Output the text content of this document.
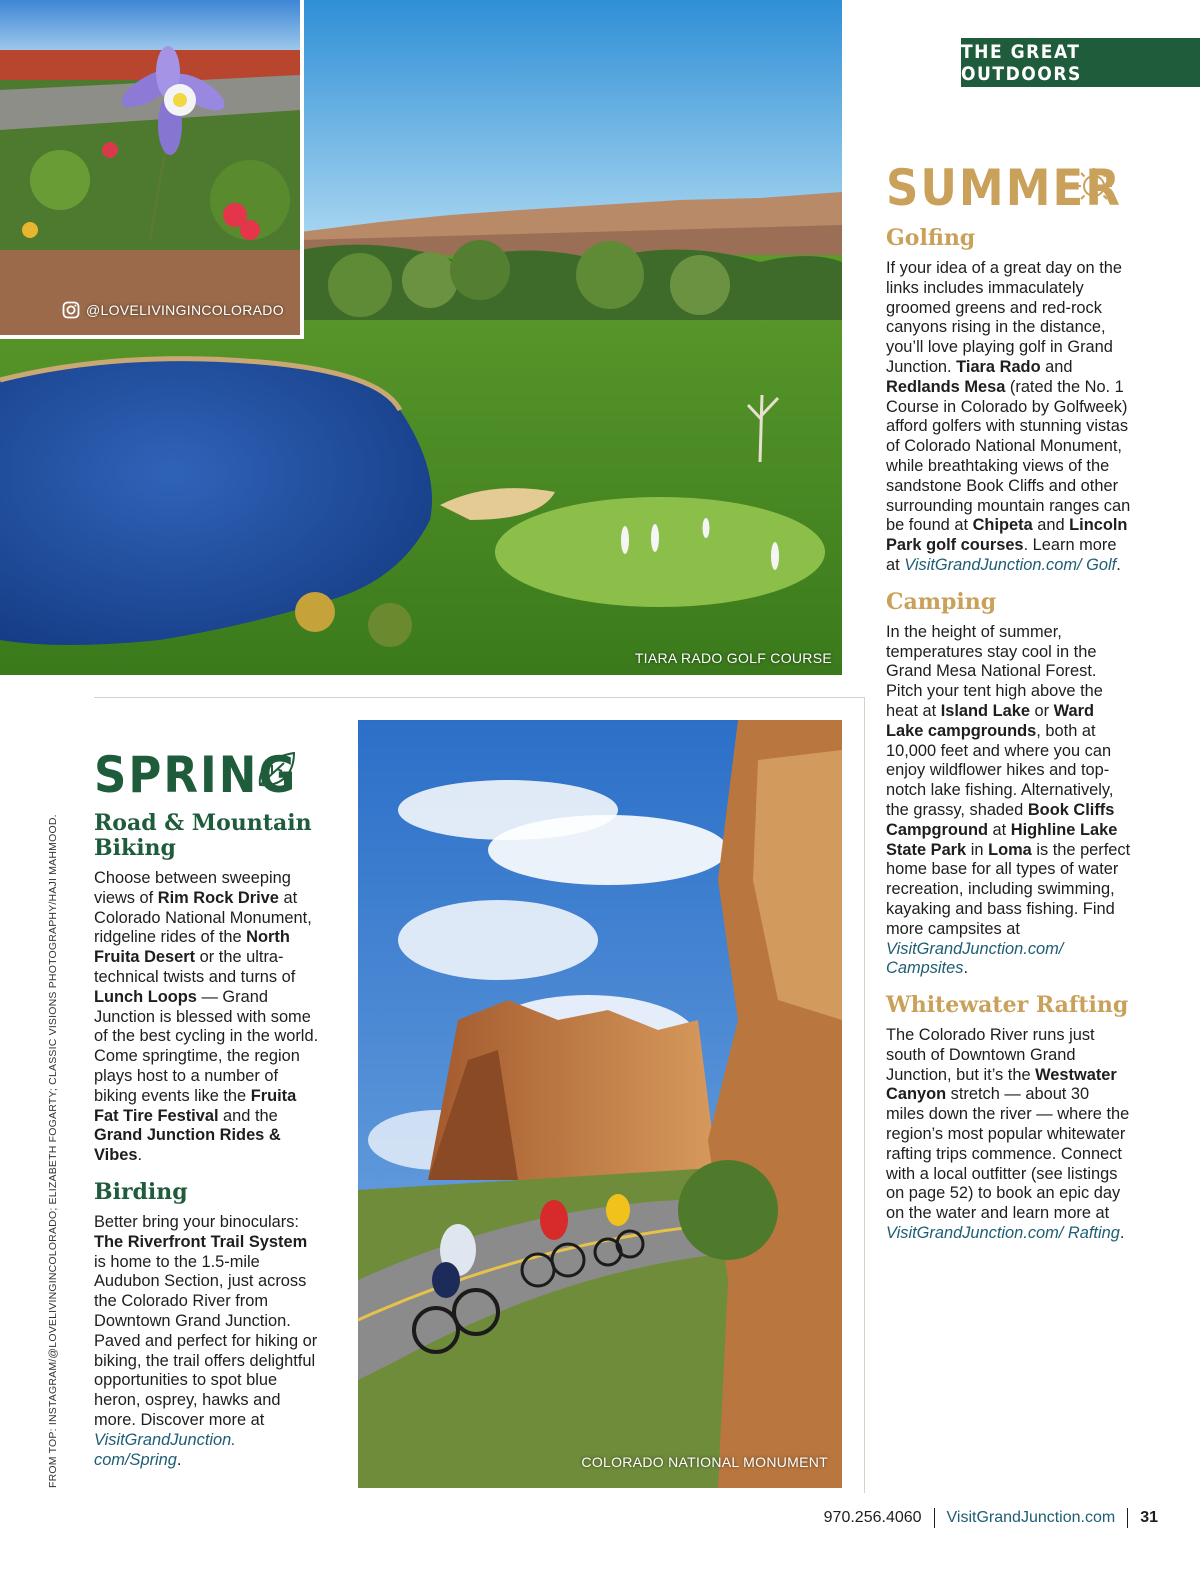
TIARA RADO GOLF COURSE
@LOVELIVINGINCOLORADO
THE GREAT OUTDOORS
SUMMER
Golfing
If your idea of a great day on the links includes immaculately groomed greens and red-rock canyons rising in the distance, you’ll love playing golf in Grand Junction. Tiara Rado and Redlands Mesa (rated the No. 1 Course in Colorado by Golfweek) afford golfers with stunning vistas of Colorado National Monument, while breathtaking views of the sandstone Book Cliffs and other surrounding mountain ranges can be found at Chipeta and Lincoln Park golf courses. Learn more at VisitGrandJunction.com/ Golf.
Camping
In the height of summer, temperatures stay cool in the Grand Mesa National Forest. Pitch your tent high above the heat at Island Lake or Ward Lake campgrounds, both at 10,000 feet and where you can enjoy wildflower hikes and top-notch lake fishing. Alternatively, the grassy, shaded Book Cliffs Campground at Highline Lake State Park in Loma is the perfect home base for all types of water recreation, including swimming, kayaking and bass fishing. Find more campsites at VisitGrandJunction.com/ Campsites.
Whitewater Rafting
The Colorado River runs just south of Downtown Grand Junction, but it’s the Westwater Canyon stretch — about 30 miles down the river — where the region’s most popular whitewater rafting trips commence. Connect with a local outfitter (see listings on page 52) to book an epic day on the water and learn more at VisitGrandJunction.com/ Rafting.
SPRING
Road & Mountain Biking
Choose between sweeping views of Rim Rock Drive at Colorado National Monument, ridgeline rides of the North Fruita Desert or the ultra-technical twists and turns of Lunch Loops — Grand Junction is blessed with some of the best cycling in the world. Come springtime, the region plays host to a number of biking events like the Fruita Fat Tire Festival and the Grand Junction Rides & Vibes.
Birding
Better bring your binoculars: The Riverfront Trail System is home to the 1.5-mile Audubon Section, just across the Colorado River from Downtown Grand Junction. Paved and perfect for hiking or biking, the trail offers delightful opportunities to spot blue heron, osprey, hawks and more. Discover more at VisitGrandJunction. com/Spring.	COLORADO NATIONAL MONUMENT
FROM TOP: INSTAGRAM/@LOVELIVINGINCOLORADO; ELIZABETH FOGARTY; CLASSIC VISIONS PHOTOGRAPHY/HAJI MAHMOOD.
970.256.4060 VisitGrandJunction.com 31
